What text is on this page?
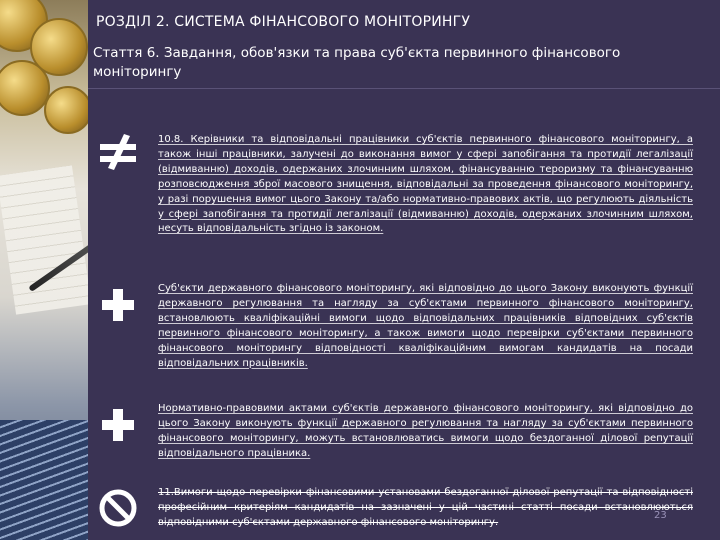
РОЗДІЛ 2. СИСТЕМА ФІНАНСОВОГО МОНІТОРИНГУ
Стаття 6. Завдання, обов'язки та права суб'єкта первинного фінансового моніторингу

10.8. Керівники та відповідальні працівники суб'єктів первинного фінансового моніторингу, а також інші працівники, залучені до виконання вимог у сфері запобігання та протидії легалізації (відмиванню) доходів, одержаних злочинним шляхом, фінансуванню тероризму та фінансуванню розповсюдження зброї масового знищення, відповідальні за проведення фінансового моніторингу, у разі порушення вимог цього Закону та/або нормативно-правових актів, що регулюють діяльність у сфері запобігання та протидії легалізації (відмиванню) доходів, одержаних злочинним шляхом, несуть відповідальність згідно із законом.

Суб'єкти державного фінансового моніторингу, які відповідно до цього Закону виконують функції державного регулювання та нагляду за суб'єктами первинного фінансового моніторингу, встановлюють кваліфікаційні вимоги щодо відповідальних працівників відповідних суб'єктів первинного фінансового моніторингу, а також вимоги щодо перевірки суб'єктами первинного фінансового моніторингу відповідності кваліфікаційним вимогам кандидатів на посади відповідальних працівників.

Нормативно-правовими актами суб'єктів державного фінансового моніторингу, які відповідно до цього Закону виконують функції державного регулювання та нагляду за суб'єктами первинного фінансового моніторингу, можуть встановлюватись вимоги щодо бездоганної ділової репутації відповідального працівника.

11.Вимоги щодо перевірки фінансовими установами бездоганної ділової репутації та відповідності професійним критеріям кандидатів на зазначені у цій частині статті посади встановлюються відповідними суб'єктами державного фінансового моніторингу.

23
